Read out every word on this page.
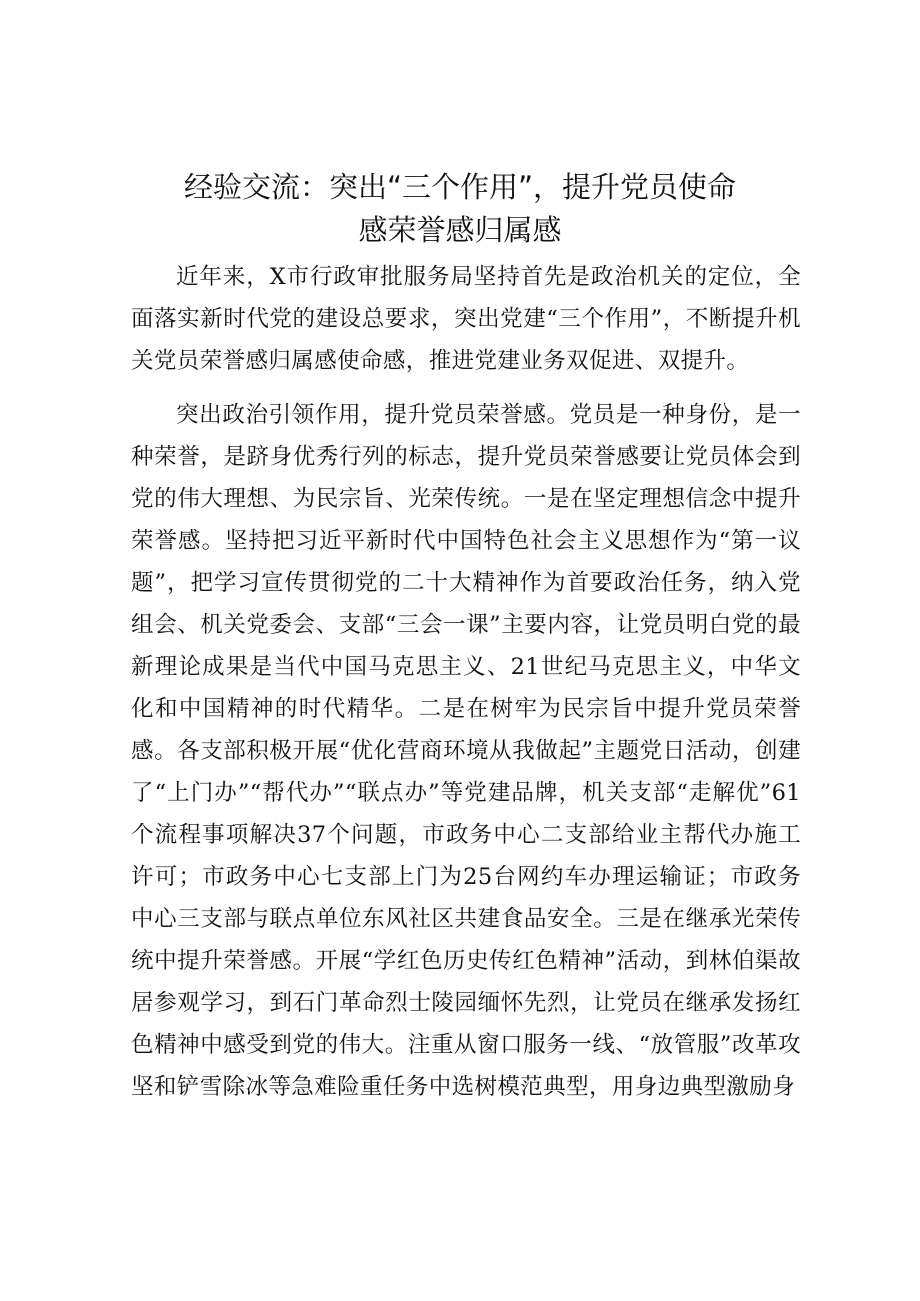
经验交流：突出“三个作用”，提升党员使命
感荣誉感归属感

近年来，X市行政审批服务局坚持首先是政治机关的定位，全面落实新时代党的建设总要求，突出党建“三个作用”，不断提升机关党员荣誉感归属感使命感，推进党建业务双促进、双提升。

突出政治引领作用，提升党员荣誉感。党员是一种身份，是一种荣誉，是跻身优秀行列的标志，提升党员荣誉感要让党员体会到党的伟大理想、为民宗旨、光荣传统。一是在坚定理想信念中提升荣誉感。坚持把习近平新时代中国特色社会主义思想作为“第一议题”，把学习宣传贯彻党的二十大精神作为首要政治任务，纳入党组会、机关党委会、支部“三会一课”主要内容，让党员明白党的最新理论成果是当代中国马克思主义、21世纪马克思主义，中华文化和中国精神的时代精华。二是在树牢为民宗旨中提升党员荣誉感。各支部积极开展“优化营商环境从我做起”主题党日活动，创建了“上门办”“帮代办”“联点办”等党建品牌，机关支部“走解优”61个流程事项解决37个问题，市政务中心二支部给业主帮代办施工许可；市政务中心七支部上门为25台网约车办理运输证；市政务中心三支部与联点单位东风社区共建食品安全。三是在继承光荣传统中提升荣誉感。开展“学红色历史传红色精神”活动，到林伯渠故居参观学习，到石门革命烈士陵园缅怀先烈，让党员在继承发扬红色精神中感受到党的伟大。注重从窗口服务一线、“放管服”改革攻坚和铲雪除冰等急难险重任务中选树模范典型，用身边典型激励身
